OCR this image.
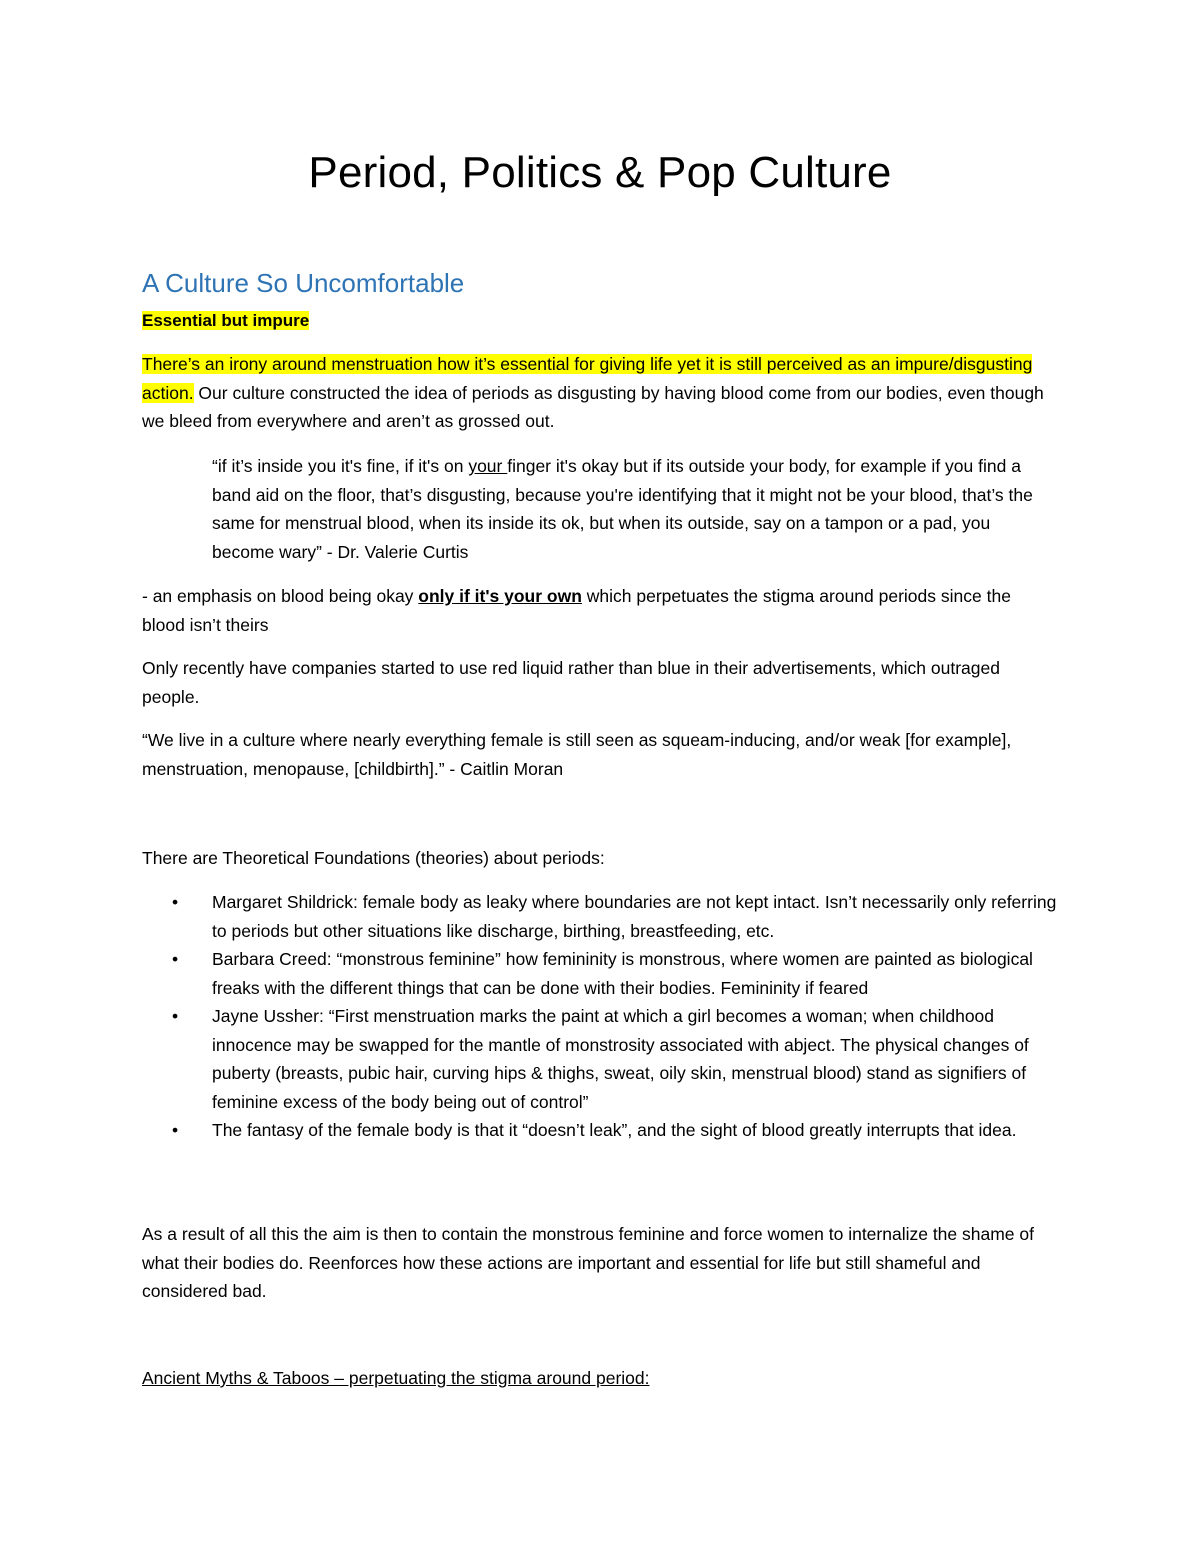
Period, Politics & Pop Culture
A Culture So Uncomfortable

Essential but impure

There’s an irony around menstruation how it’s essential for giving life yet it is still perceived as an impure/disgusting action. Our culture constructed the idea of periods as disgusting by having blood come from our bodies, even though we bleed from everywhere and aren’t as grossed out.

“if it’s inside you it's fine, if it's on your finger it's okay but if its outside your body, for example if you find a band aid on the floor, that’s disgusting, because you're identifying that it might not be your blood, that’s the same for menstrual blood, when its inside its ok, but when its outside, say on a tampon or a pad, you become wary” - Dr. Valerie Curtis

- an emphasis on blood being okay only if it's your own which perpetuates the stigma around periods since the blood isn’t theirs

Only recently have companies started to use red liquid rather than blue in their advertisements, which outraged people.

“We live in a culture where nearly everything female is still seen as squeam-inducing, and/or weak [for example], menstruation, menopause, [childbirth].” - Caitlin Moran

There are Theoretical Foundations (theories) about periods:

• Margaret Shildrick: female body as leaky where boundaries are not kept intact. Isn’t necessarily only referring to periods but other situations like discharge, birthing, breastfeeding, etc.
• Barbara Creed: “monstrous feminine” how femininity is monstrous, where women are painted as biological freaks with the different things that can be done with their bodies. Femininity if feared
• Jayne Ussher: “First menstruation marks the paint at which a girl becomes a woman; when childhood innocence may be swapped for the mantle of monstrosity associated with abject. The physical changes of puberty (breasts, pubic hair, curving hips & thighs, sweat, oily skin, menstrual blood) stand as signifiers of feminine excess of the body being out of control”
• The fantasy of the female body is that it “doesn’t leak”, and the sight of blood greatly interrupts that idea.

As a result of all this the aim is then to contain the monstrous feminine and force women to internalize the shame of what their bodies do. Reenforces how these actions are important and essential for life but still shameful and considered bad.

Ancient Myths & Taboos – perpetuating the stigma around period:
